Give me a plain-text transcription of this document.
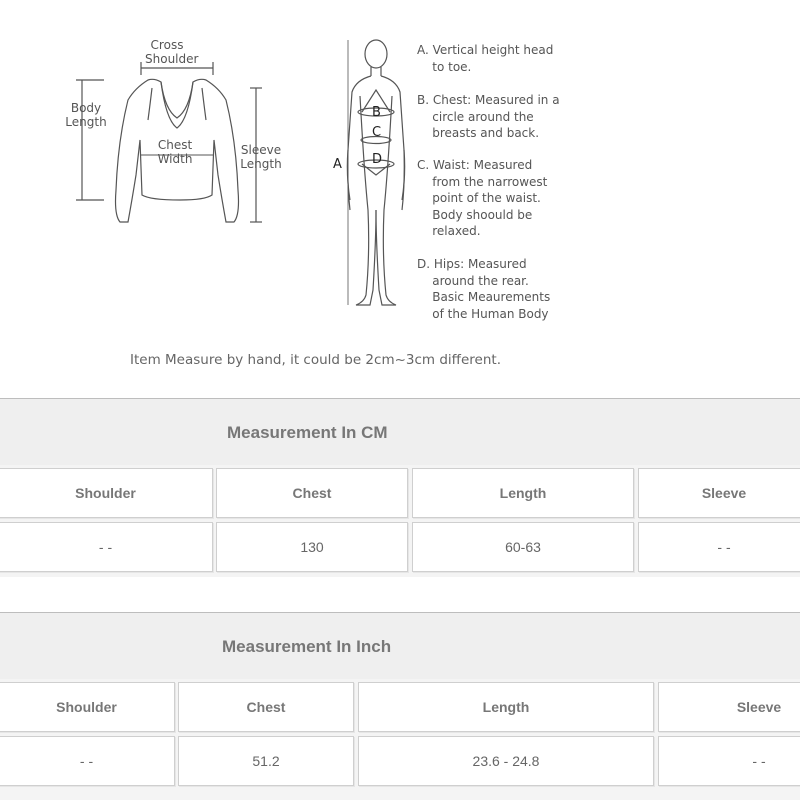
Cross
Shoulder
Body
Length
Chest
Width
Sleeve
Length	A
B
C
D
A. Vertical height head
to toe.
B. Chest: Measured in a
circle around the
breasts and back.
C. Waist: Measured
from the narrowest
point of the waist.
Body shoould be
relaxed.
D. Hips: Measured
around the rear.
Basic Meaurements
of the Human Body
Item Measure by hand, it could be 2cm~3cm different.
Measurement In CM
Shoulder	Chest	Length	Sleeve
- -	130	60-63	- -
Measurement In Inch
Shoulder	Chest	Length	Sleeve
- -	51.2	23.6 - 24.8	- -
